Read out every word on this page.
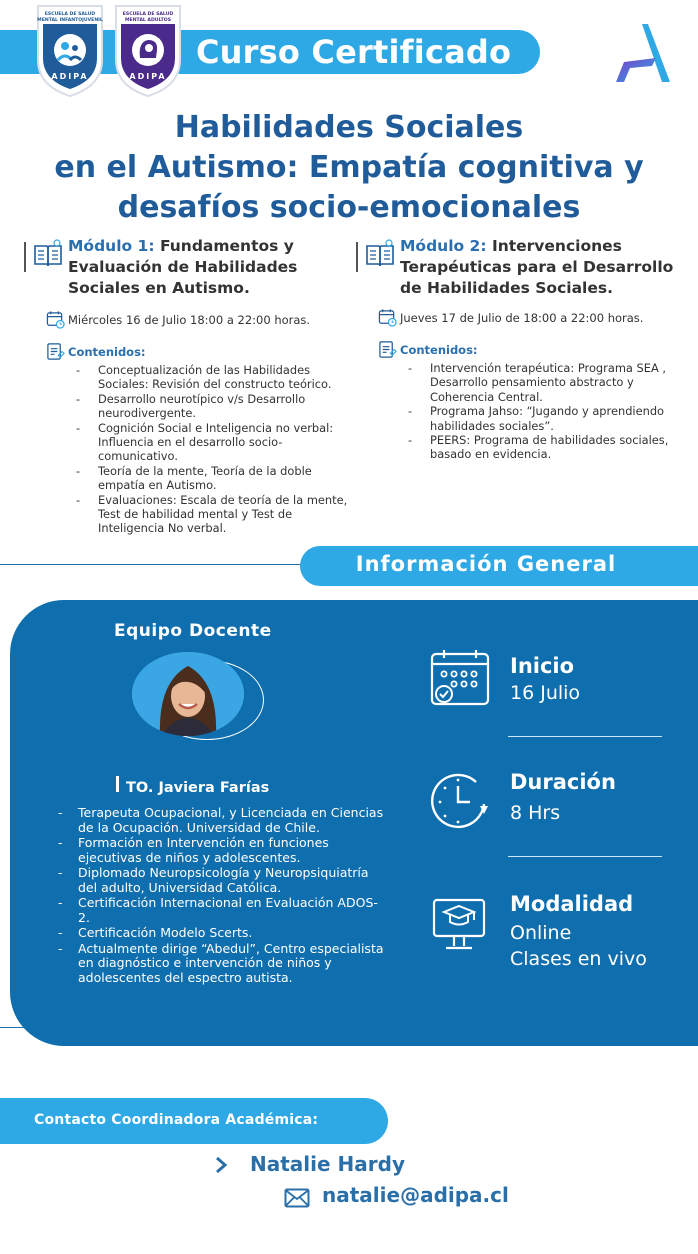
ESCUELA DE SALUD MENTAL INFANTOJUVENIL
ADIPA
ESCUELA DE SALUD MENTAL ADULTOS
ADIPA
Curso Certificado
Habilidades Sociales
en el Autismo: Empatía cognitiva y
desafíos socio-emocionales
Módulo 1: Fundamentos y Evaluación de Habilidades Sociales en Autismo.
Miércoles 16 de Julio 18:00 a 22:00 horas.
Contenidos:
- Conceptualización de las Habilidades Sociales: Revisión del constructo teórico.
- Desarrollo neurotípico v/s Desarrollo neurodivergente.
- Cognición Social e Inteligencia no verbal: Influencia en el desarrollo socio-comunicativo.
- Teoría de la mente, Teoría de la doble empatía en Autismo.
- Evaluaciones: Escala de teoría de la mente, Test de habilidad mental y Test de Inteligencia No verbal.
Módulo 2: Intervenciones Terapéuticas para el Desarrollo de Habilidades Sociales.
Jueves 17 de Julio de 18:00 a 22:00 horas.
Contenidos:
- Intervención terapéutica: Programa SEA , Desarrollo pensamiento abstracto y Coherencia Central.
- Programa Jahso: “Jugando y aprendiendo habilidades sociales”.
- PEERS: Programa de habilidades sociales, basado en evidencia.
Información General
Equipo Docente
TO. Javiera Farías
- Terapeuta Ocupacional, y Licenciada en Ciencias de la Ocupación. Universidad de Chile.
- Formación en Intervención en funciones ejecutivas de niños y adolescentes.
- Diplomado Neuropsicología y Neuropsiquiatría del adulto, Universidad Católica.
- Certificación Internacional en Evaluación ADOS-2.
- Certificación Modelo Scerts.
- Actualmente dirige “Abedul”, Centro especialista en diagnóstico e intervención de niños y adolescentes del espectro autista.
Inicio
16 Julio
Duración
8 Hrs
Modalidad
Online
Clases en vivo
Contacto Coordinadora Académica:
Natalie Hardy
natalie@adipa.cl
